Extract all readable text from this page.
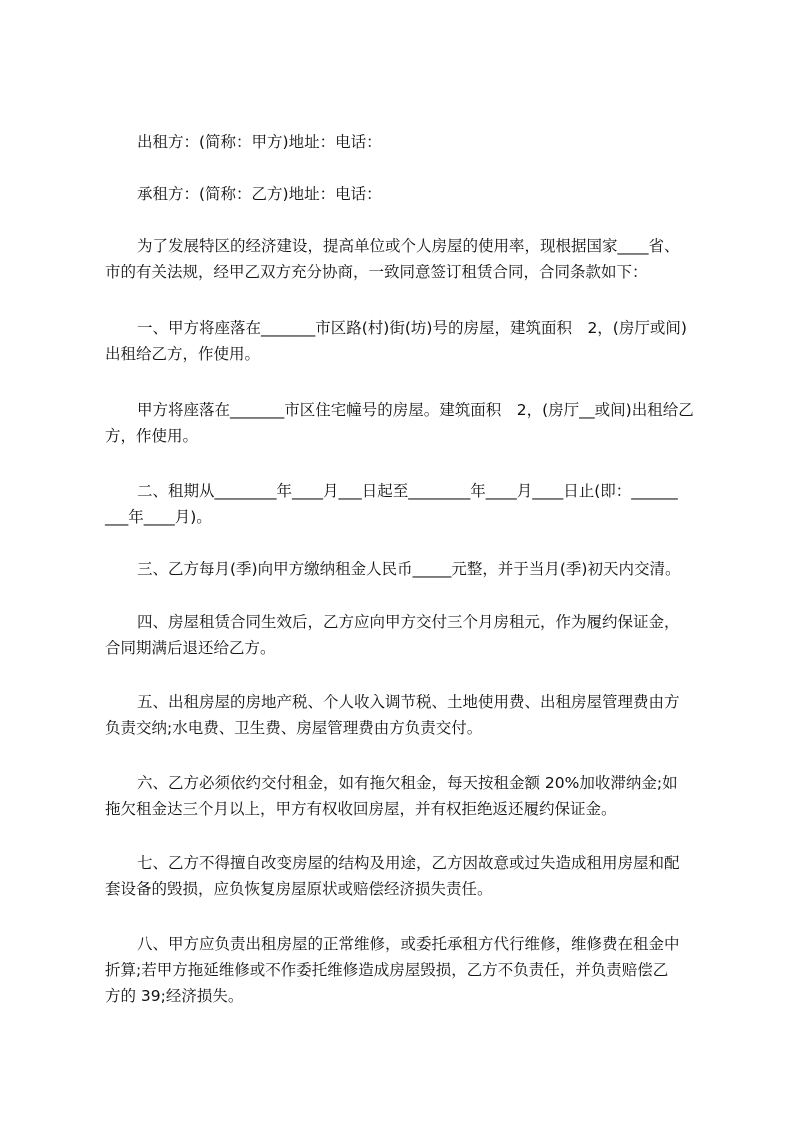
出租方：(简称：甲方)地址：电话：

承租方：(简称：乙方)地址：电话：

为了发展特区的经济建设，提高单位或个人房屋的使用率，现根据国家____省、
市的有关法规，经甲乙双方充分协商，一致同意签订租赁合同，合同条款如下：

一、甲方将座落在_______市区路(村)街(坊)号的房屋，建筑面积　2，(房厅或间)
出租给乙方，作使用。

甲方将座落在_______市区住宅幢号的房屋。建筑面积　2，(房厅__或间)出租给乙
方，作使用。

二、租期从________年____月___日起至________年____月____日止(即：______
___年____月)。

三、乙方每月(季)向甲方缴纳租金人民币_____元整，并于当月(季)初天内交清。

四、房屋租赁合同生效后，乙方应向甲方交付三个月房租元，作为履约保证金，
合同期满后退还给乙方。

五、出租房屋的房地产税、个人收入调节税、土地使用费、出租房屋管理费由方
负责交纳;水电费、卫生费、房屋管理费由方负责交付。

六、乙方必须依约交付租金，如有拖欠租金，每天按租金额 20%加收滞纳金;如
拖欠租金达三个月以上，甲方有权收回房屋，并有权拒绝返还履约保证金。

七、乙方不得擅自改变房屋的结构及用途，乙方因故意或过失造成租用房屋和配
套设备的毁损，应负恢复房屋原状或赔偿经济损失责任。

八、甲方应负责出租房屋的正常维修，或委托承租方代行维修，维修费在租金中
折算;若甲方拖延维修或不作委托维修造成房屋毁损，乙方不负责任，并负责赔偿乙
方的 39;经济损失。
